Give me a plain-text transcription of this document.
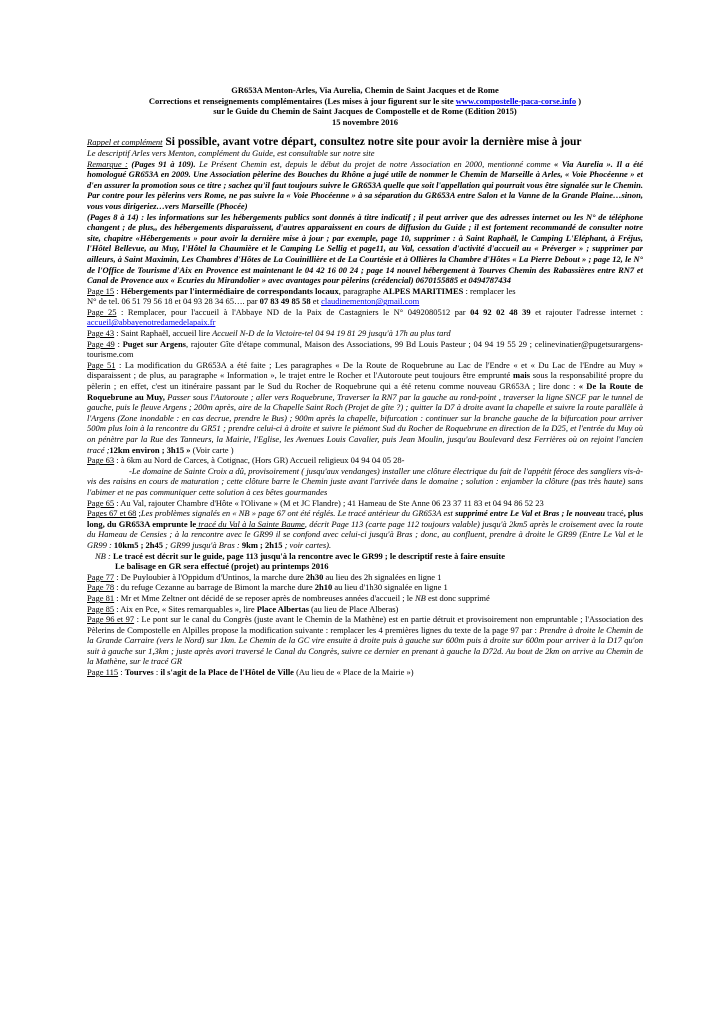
GR653A Menton-Arles, Via Aurelia, Chemin de Saint Jacques et de Rome

Corrections et renseignements complémentaires (Les mises à jour figurent sur le site www.compostelle-paca-corse.info )

sur le Guide du Chemin de Saint Jacques de Compostelle et de Rome (Edition 2015)

15 novembre 2016

Rappel et complément Si possible, avant votre départ, consultez notre site pour avoir la dernière mise à jour

Le descriptif Arles vers Menton, complément du Guide, est consultable sur notre site

Remarque : (Pages 91 à 109). Le Présent Chemin est, depuis le début du projet de notre Association en 2000, mentionné comme « Via Aurelia ». Il a été homologué GR653A en 2009. Une Association pèlerine des Bouches du Rhône a jugé utile de nommer le Chemin de Marseille à Arles, « Voie Phocéenne » et d'en assurer la promotion sous ce titre ; sachez qu'il faut toujours suivre le GR653A quelle que soit l'appellation qui pourrait vous être signalée sur le Chemin. Par contre pour les pèlerins vers Rome, ne pas suivre la « Voie Phocéenne » à sa séparation du GR653A entre Salon et la Vanne de la Grande Plaine…sinon, vous vous dirigeriez…vers Marseille (Phocée)

(Pages 8 à 14) : les informations sur les hébergements publics sont donnés à titre indicatif ; il peut arriver que des adresses internet ou les N° de téléphone changent ; de plus,, des hébergements disparaissent, d'autres apparaissent en cours de diffusion du Guide ; il est fortement recommandé de consulter notre site, chapitre «Hébergements » pour avoir la dernière mise à jour ; par exemple, page 10, supprimer : à Saint Raphaël, le Camping L'Eléphant, à Fréjus, l'Hôtel Bellevue, au Muy, l'Hôtel la Chaumière et le Camping Le Sellig et page11, au Val, cessation d'activité d'accueil au « Préverger » ; supprimer par ailleurs, à Saint Maximin, Les Chambres d'Hôtes de La Couinillière et de La Courtésie et à Ollières la Chambre d'Hôtes « La Pierre Debout » ; page 12, le N° de l'Office de Tourisme d'Aix en Provence est maintenant le 04 42 16 00 24 ; page 14 nouvel hébergement à Tourves Chemin des Rabassières entre RN7 et Canal de Provence aux « Ecuries du Mirandolier » avec avantages pour pèlerins (crédencial) 0670155885 et 0494787434

Page 15 : Hébergements par l'intermédiaire de correspondants locaux, paragraphe ALPES MARITIMES : remplacer les
N° de tel. 06 51 79 56 18 et 04 93 28 34 65…. par 07 83 49 85 58 et claudinementon@gmail.com

Page 25 : Remplacer, pour l'accueil à l'Abbaye ND de la Paix de Castagniers le N° 0492080512 par 04 92 02 48 39 et rajouter l'adresse internet : accueil@abbayenotredamedelapaix.fr

Page 43 : Saint Raphaël, accueil lire Accueil N-D de la Victoire-tel 04 94 19 81 29 jusqu'à 17h au plus tard

Page 49 : Puget sur Argens, rajouter Gîte d'étape communal, Maison des Associations, 99 Bd Louis Pasteur ; 04 94 19 55 29 ; celinevinatier@pugetsurargens-tourisme.com

Page 51 : La modification du GR653A a été faite ; Les paragraphes « De la Route de Roquebrune au Lac de l'Endre « et « Du Lac de l'Endre au Muy » disparaissent ; de plus, au paragraphe « Information », le trajet entre le Rocher et l'Autoroute peut toujours être emprunté mais sous la responsabilité propre du pèlerin ; en effet, c'est un itinéraire passant par le Sud du Rocher de Roquebrune qui a été retenu comme nouveau GR653A ; lire donc : « De la Route de Roquebrune au Muy, Passer sous l'Autoroute ; aller vers Roquebrune, Traverser la RN7 par la gauche au rond-point , traverser la ligne SNCF par le tunnel de gauche, puis le fleuve Argens ; 200m après, aire de la Chapelle Saint Roch (Projet de gîte ?) ; quitter la D7 à droite avant la chapelle et suivre la route parallèle à l'Argens (Zone inondable : en cas decrue, prendre le Bus) ; 900m après la chapelle, bifurcation : continuer sur la branche gauche de la bifurcation pour arriver 500m plus loin à la rencontre du GR51 ; prendre celui-ci à droite et suivre le piémont Sud du Rocher de Roquebrune en direction de la D25, et l'entrée du Muy où on pénètre par la Rue des Tanneurs, la Mairie, l'Eglise, les Avenues Louis Cavalier, puis Jean Moulin, jusqu'au Boulevard desz Ferrières où on rejoint l'ancien tracé ;12km environ ; 3h15 » (Voir carte )

Page 63 : à 6km au Nord de Carces, à Cotignac, (Hors GR) Accueil religieux 04 94 04 05 28-
-Le domaine de Sainte Croix a dû, provisoirement ( jusqu'aux vendanges) installer une clôture électrique du fait de l'appétit féroce des sangliers vis-à-vis des raisins en cours de maturation ; cette clôture barre le Chemin juste avant l'arrivée dans le domaine ; solution : enjamber la clôture (pas très haute) sans l'abimer et ne pas communiquer cette solution à ces bêtes gourmandes

Page 65 : Au Val, rajouter Chambre d'Hôte « l'Olivane » (M et JC Flandre) ; 41 Hameau de Ste Anne 06 23 37 11 83 et 04 94 86 52 23

Pages 67 et 68 ;Les problèmes signalés en « NB » page 67 ont été réglés. Le tracé antérieur du GR653A est supprimé entre Le Val et Bras ; le nouveau tracé, plus long, du GR653A emprunte le tracé du Val à la Sainte Baume, décrit Page 113 (carte page 112 toujours valable) jusqu'à 2km5 après le croisement avec la route du Hameau de Censies ; à la rencontre avec le GR99 il se confond avec celui-ci jusqu'à Bras ; donc, au confluent, prendre à droite le GR99 (Entre Le Val et le GR99 : 10km5 ; 2h45 ; GR99 jusqu'à Bras : 9km ; 2h15 ; voir cartes).

NB : Le tracé est décrit sur le guide, page 113 jusqu'à la rencontre avec le GR99 ; le descriptif reste à faire ensuite

Le balisage en GR sera effectué (projet) au printemps 2016

Page 77 : De Puyloubier à l'Oppidum d'Untinos, la marche dure 2h30 au lieu des 2h signalées en ligne 1

Page 78 : du refuge Cezanne au barrage de Bimont la marche dure 2h10 au lieu d'1h30 signalée en ligne 1

Page 81 : Mr et Mme Zeltner ont décidé de se reposer après de nombreuses années d'accueil ; le NB est donc supprimé

Page 85 : Aix en Pce, « Sites remarquables », lire Place Albertas (au lieu de Place Alberas)

Page 96 et 97 : Le pont sur le canal du Congrès (juste avant le Chemin de la Mathène) est en partie détruit et provisoirement non empruntable ; l'Association des Pèlerins de Compostelle en Alpilles propose la modification suivante : remplacer les 4 premières lignes du texte de la page 97 par : Prendre à droite le Chemin de la Grande Carraire (vers le Nord) sur 1km. Le Chemin de la GC vire ensuite à droite puis à gauche sur 600m puis à droite sur 600m pour arriver à la D17 qu'on suit à gauche sur 1,3km ; juste après avori traversé le Canal du Congrès, suivre ce dernier en prenant à gauche la D72d. Au bout de 2km on arrive au Chemin de la Mathène, sur le tracé GR

Page 115 : Tourves : il s'agit de la Place de l'Hôtel de Ville (Au lieu de « Place de la Mairie »)
